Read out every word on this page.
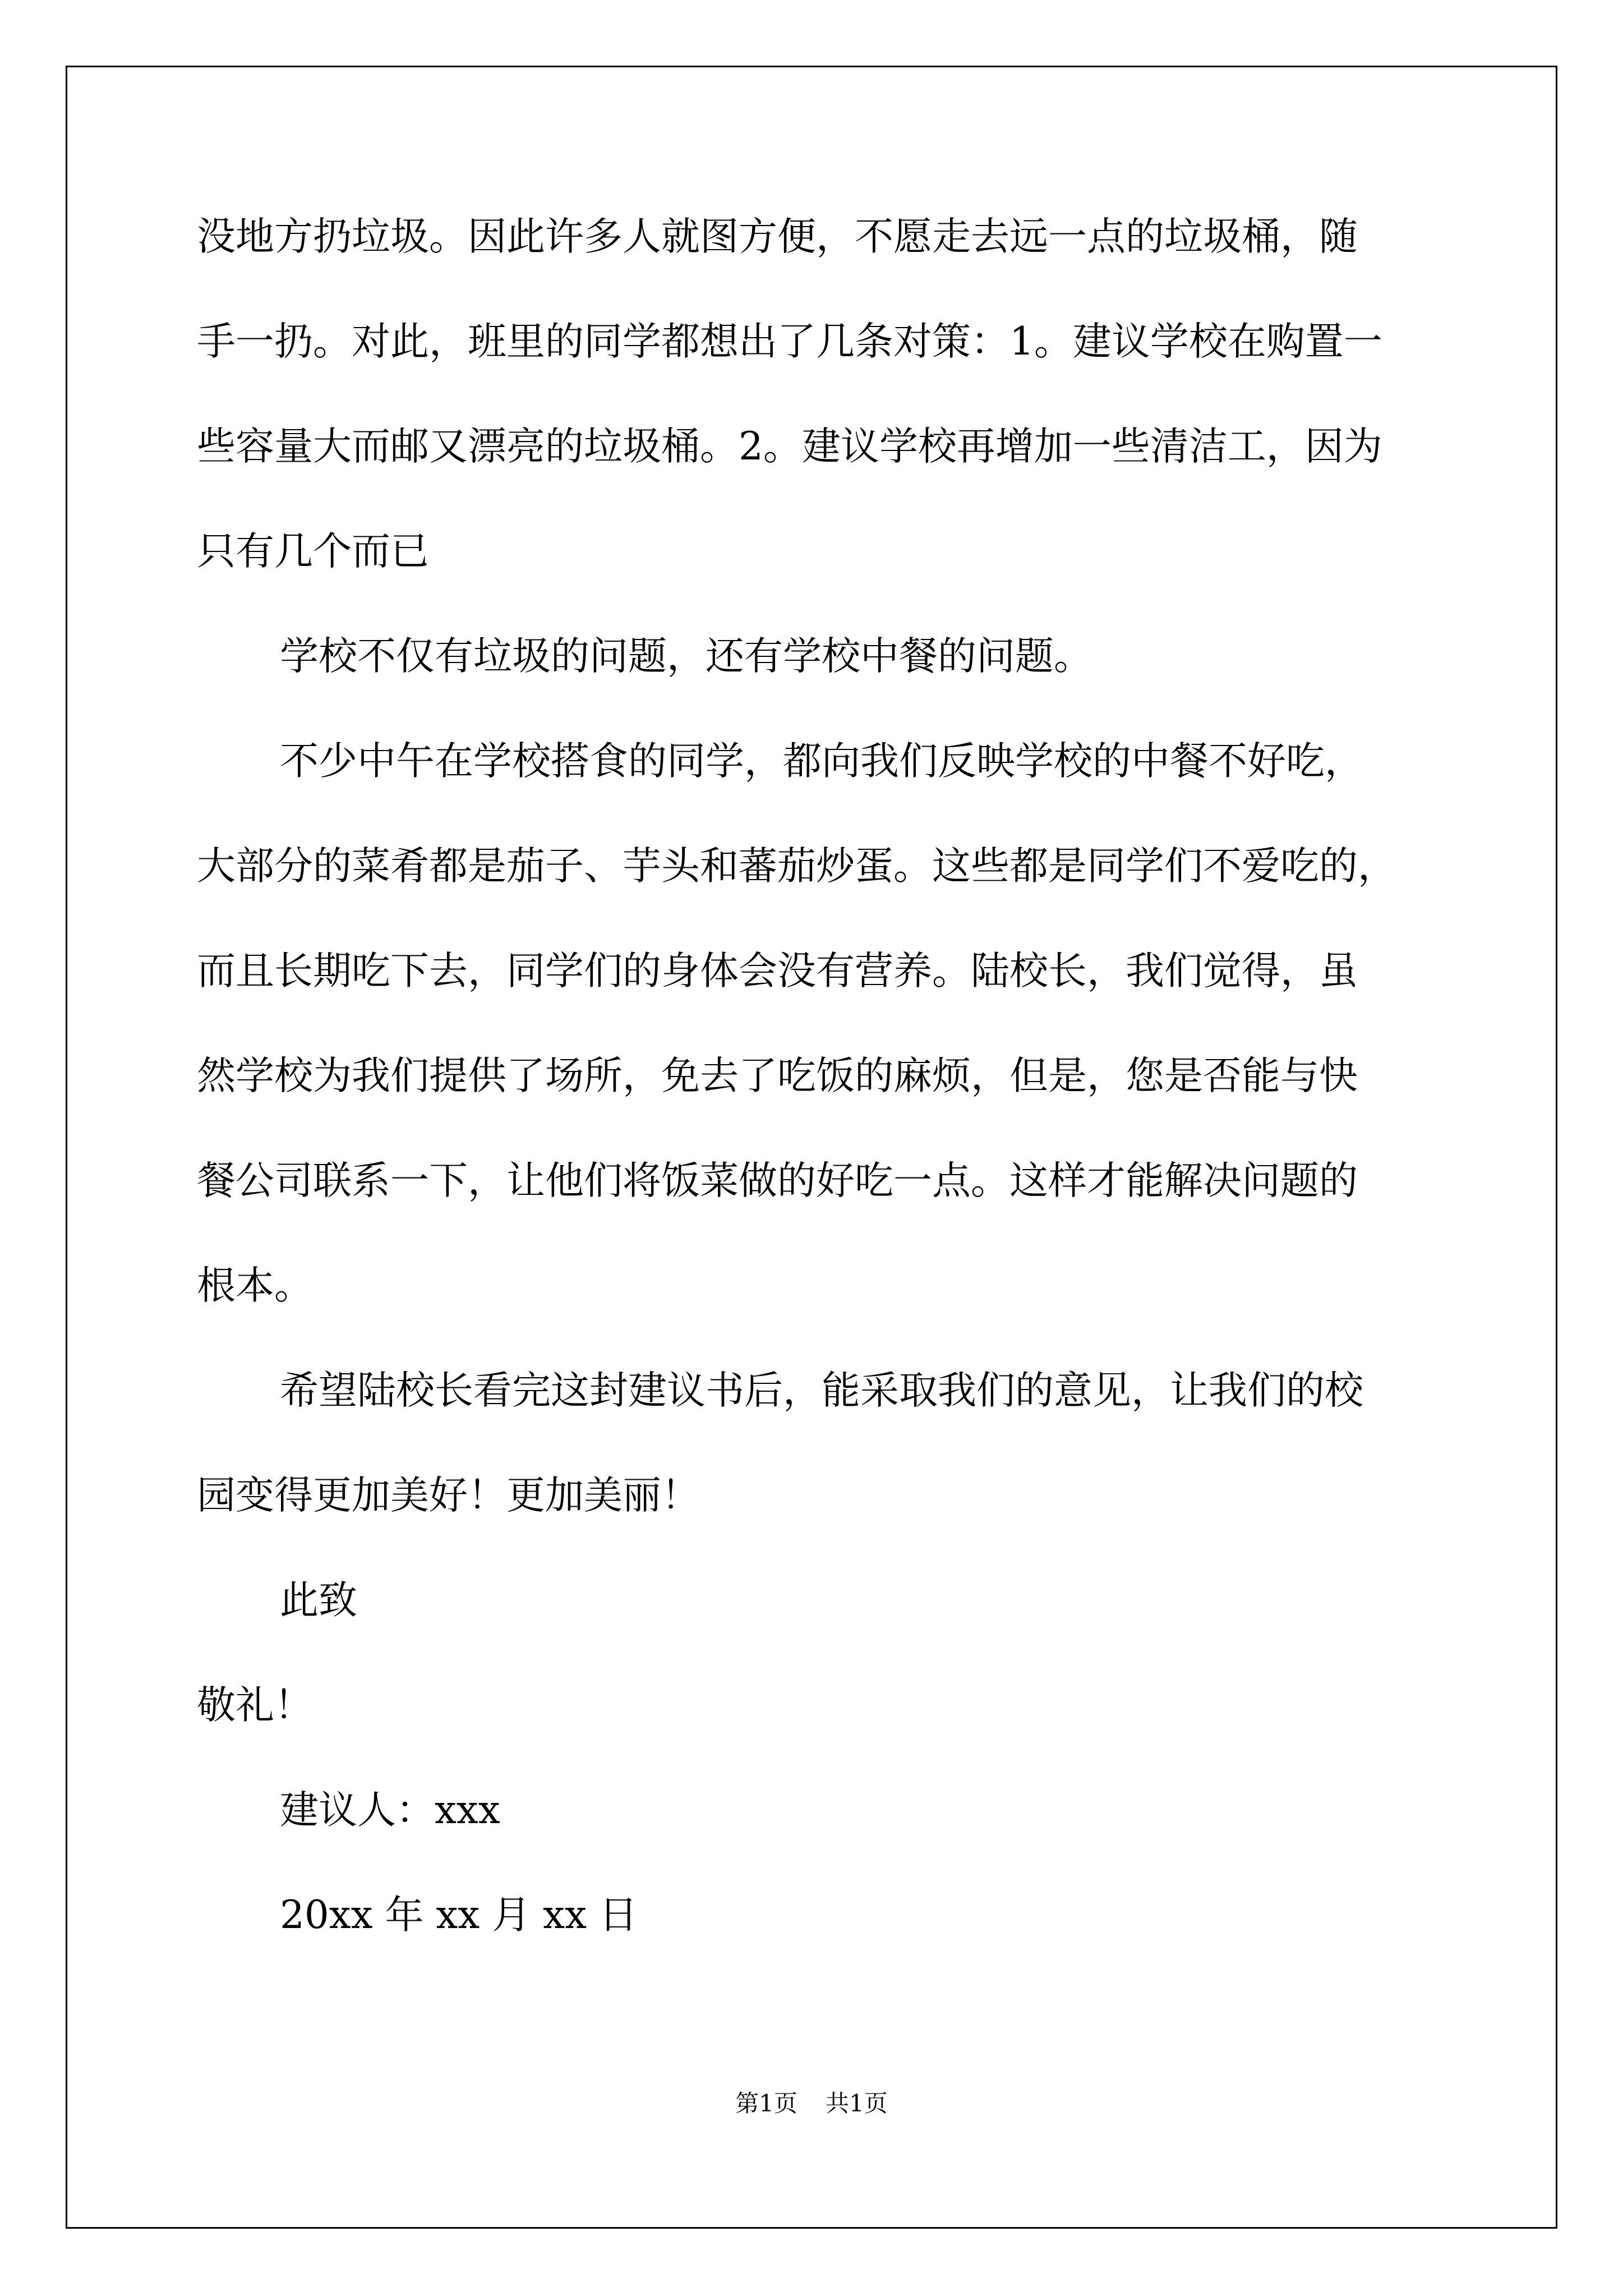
没地方扔垃圾。因此许多人就图方便，不愿走去远一点的垃圾桶，随

手一扔。对此，班里的同学都想出了几条对策：1。建议学校在购置一

些容量大而邮又漂亮的垃圾桶。2。建议学校再增加一些清洁工，因为

只有几个而已

学校不仅有垃圾的问题，还有学校中餐的问题。

不少中午在学校搭食的同学，都向我们反映学校的中餐不好吃，

大部分的菜肴都是茄子、芋头和蕃茄炒蛋。这些都是同学们不爱吃的，

而且长期吃下去，同学们的身体会没有营养。陆校长，我们觉得，虽

然学校为我们提供了场所，免去了吃饭的麻烦，但是，您是否能与快

餐公司联系一下，让他们将饭菜做的好吃一点。这样才能解决问题的

根本。

希望陆校长看完这封建议书后，能采取我们的意见，让我们的校

园变得更加美好！更加美丽！

此致

敬礼！

建议人：xxx

20xx 年 xx 月 xx 日

第1页 共1页
